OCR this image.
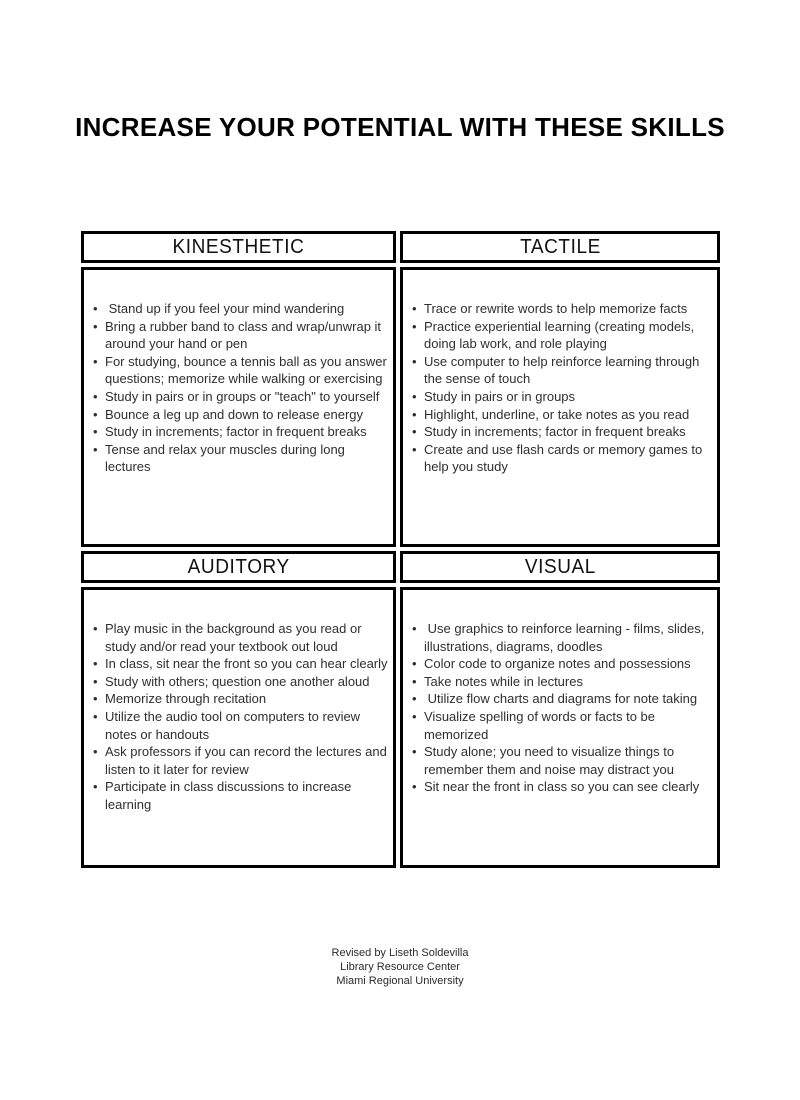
INCREASE YOUR POTENTIAL WITH THESE SKILLS
KINESTHETIC
•  Stand up if you feel your mind wandering
• Bring a rubber band to class and wrap/unwrap it around your hand or pen
• For studying, bounce a tennis ball as you answer questions; memorize while walking or exercising
• Study in pairs or in groups or "teach" to yourself
• Bounce a leg up and down to release energy
• Study in increments; factor in frequent breaks
• Tense and relax your muscles during long lectures
TACTILE
• Trace or rewrite words to help memorize facts
• Practice experiential learning (creating models, doing lab work, and role playing
• Use computer to help reinforce learning through the sense of touch
• Study in pairs or in groups
• Highlight, underline, or take notes as you read
• Study in increments; factor in frequent breaks
• Create and use flash cards or memory games to help you study
AUDITORY
• Play music in the background as you read or study and/or read your textbook out loud
• In class, sit near the front so you can hear clearly
• Study with others; question one another aloud
• Memorize through recitation
• Utilize the audio tool on computers to review notes or handouts
• Ask professors if you can record the lectures and listen to it later for review
• Participate in class discussions to increase learning
VISUAL
•  Use graphics to reinforce learning - films, slides, illustrations, diagrams, doodles
• Color code to organize notes and possessions
• Take notes while in lectures
•  Utilize flow charts and diagrams for note taking
• Visualize spelling of words or facts to be memorized
• Study alone; you need to visualize things to remember them and noise may distract you
• Sit near the front in class so you can see clearly
Revised by Liseth Soldevilla
Library Resource Center
Miami Regional University
